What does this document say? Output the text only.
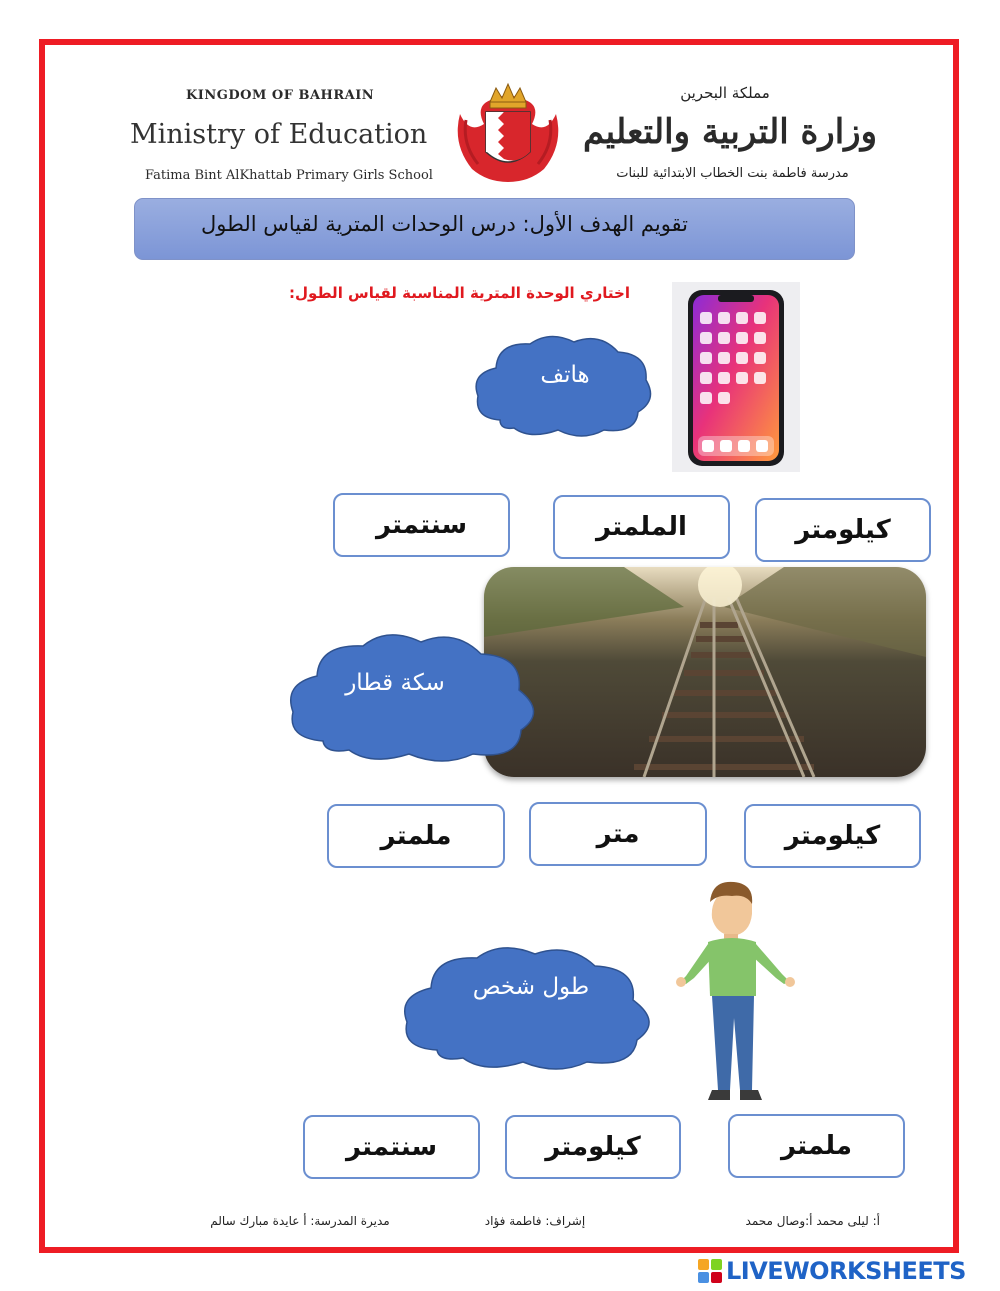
KINGDOM OF BAHRAIN
Ministry of Education
Fatima Bint AlKhattab Primary Girls School
مملكة البحرين
وزارة التربية والتعليم
مدرسة فاطمة بنت الخطاب الابتدائية للبنات
تقويم الهدف الأول: درس الوحدات المترية لقياس الطول
اختاري الوحدة المترية المناسبة لقياس الطول:
هاتف
سنتمتر	الملمتر	كيلومتر
سكة قطار
ملمتر	متر	كيلومتر
طول شخص
سنتمتر	كيلومتر	ملمتر
أ: ليلى محمد أ:وصال محمد
إشراف: فاطمة فؤاد
مديرة المدرسة: أ عايدة مبارك سالم
LIVEWORKSHEETS
